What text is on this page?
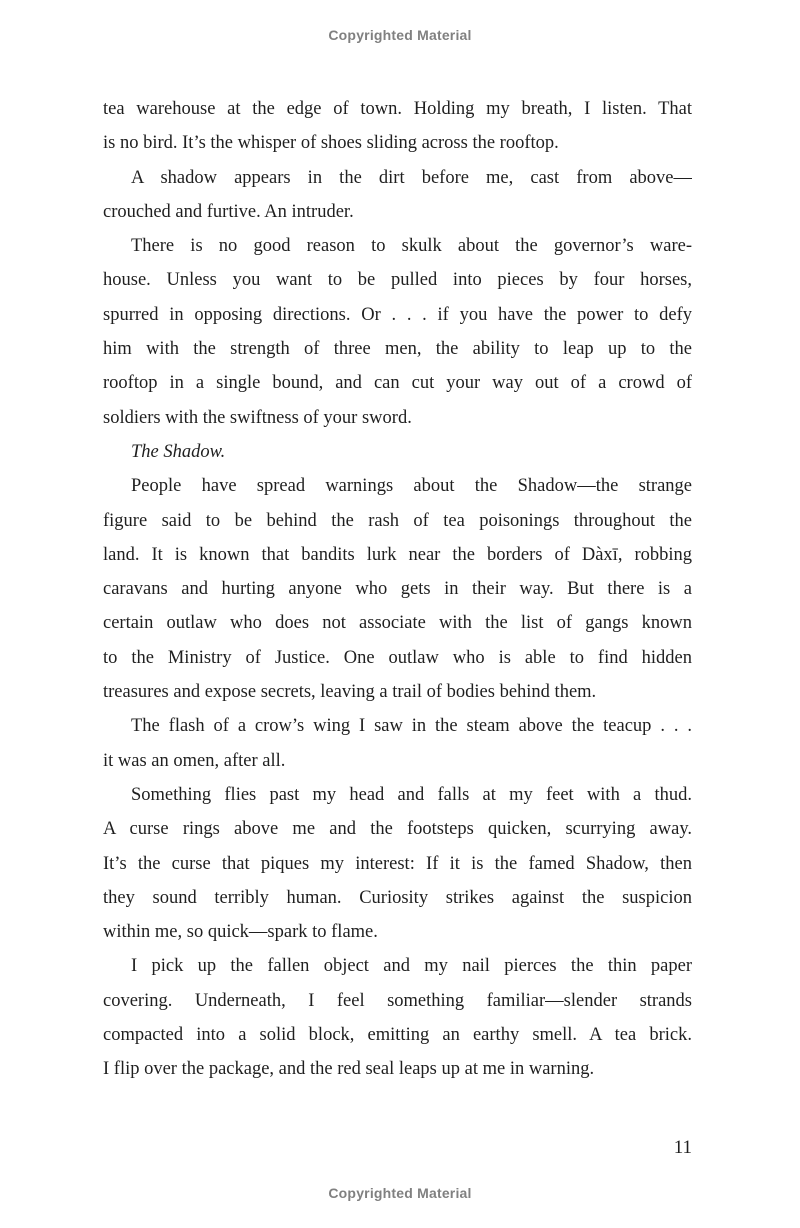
Copyrighted Material
tea warehouse at the edge of town. Holding my breath, I listen. That
is no bird. It’s the whisper of shoes sliding across the rooftop.
A shadow appears in the dirt before me, cast from above—
crouched and furtive. An intruder.
There is no good reason to skulk about the governor’s ware-
house. Unless you want to be pulled into pieces by four horses,
spurred in opposing directions. Or . . . if you have the power to defy
him with the strength of three men, the ability to leap up to the
rooftop in a single bound, and can cut your way out of a crowd of
soldiers with the swiftness of your sword.
The Shadow.
People have spread warnings about the Shadow—the strange
figure said to be behind the rash of tea poisonings throughout the
land. It is known that bandits lurk near the borders of Dàxī, robbing
caravans and hurting anyone who gets in their way. But there is a
certain outlaw who does not associate with the list of gangs known
to the Ministry of Justice. One outlaw who is able to find hidden
treasures and expose secrets, leaving a trail of bodies behind them.
The flash of a crow’s wing I saw in the steam above the teacup . . .
it was an omen, after all.
Something flies past my head and falls at my feet with a thud.
A curse rings above me and the footsteps quicken, scurrying away.
It’s the curse that piques my interest: If it is the famed Shadow, then
they sound terribly human. Curiosity strikes against the suspicion
within me, so quick—spark to flame.
I pick up the fallen object and my nail pierces the thin paper
covering. Underneath, I feel something familiar—slender strands
compacted into a solid block, emitting an earthy smell. A tea brick.
I flip over the package, and the red seal leaps up at me in warning.
11
Copyrighted Material
